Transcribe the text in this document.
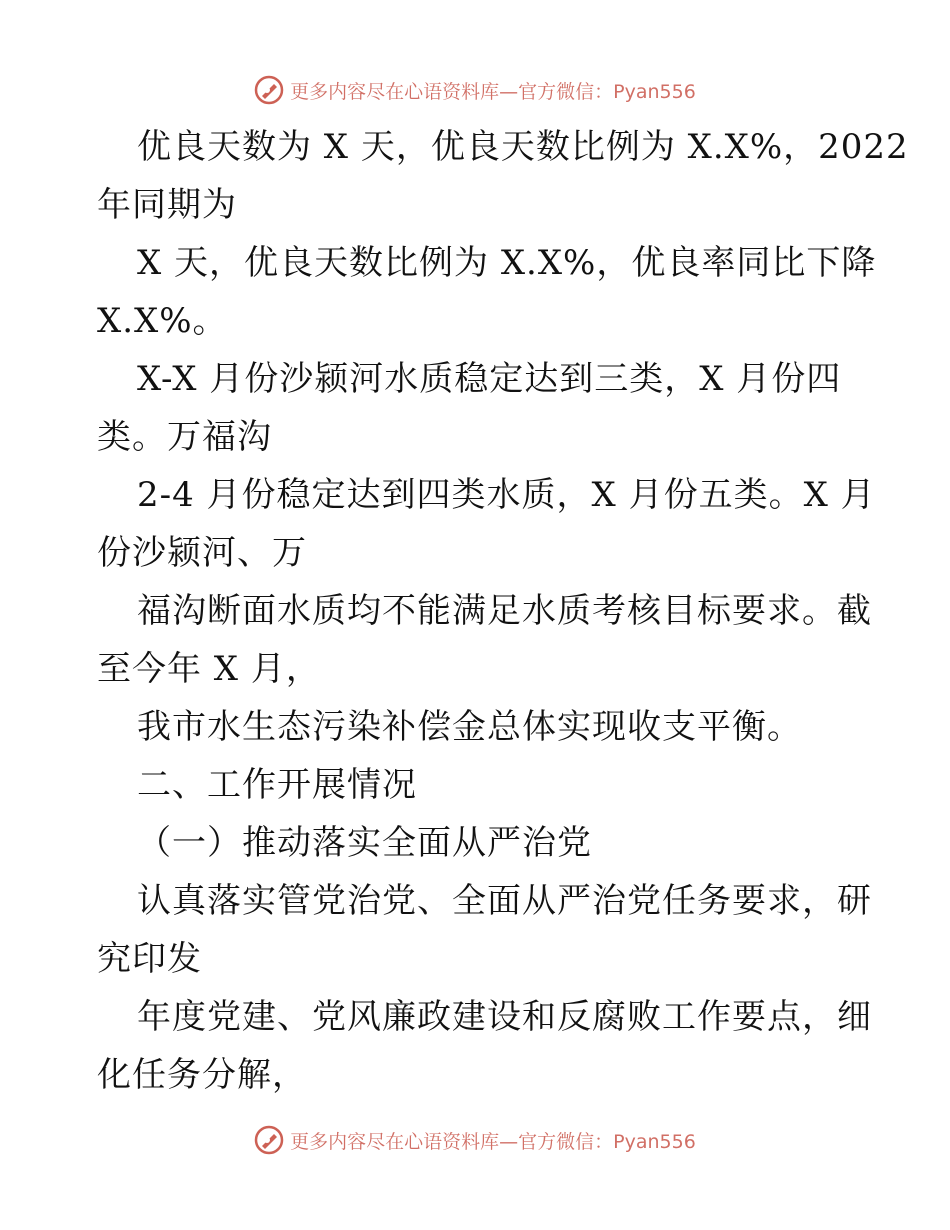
更多内容尽在心语资料库—官方微信：Pyan556
优良天数为 X 天，优良天数比例为 X.X%，2022
年同期为
X 天，优良天数比例为 X.X%，优良率同比下降
X.X%。
X-X 月份沙颍河水质稳定达到三类，X 月份四
类。万福沟
2-4 月份稳定达到四类水质，X 月份五类。X 月
份沙颍河、万
福沟断面水质均不能满足水质考核目标要求。截
至今年 X 月，
我市水生态污染补偿金总体实现收支平衡。
二、工作开展情况
（一）推动落实全面从严治党
认真落实管党治党、全面从严治党任务要求，研
究印发
年度党建、党风廉政建设和反腐败工作要点，细
化任务分解，
更多内容尽在心语资料库—官方微信：Pyan556
